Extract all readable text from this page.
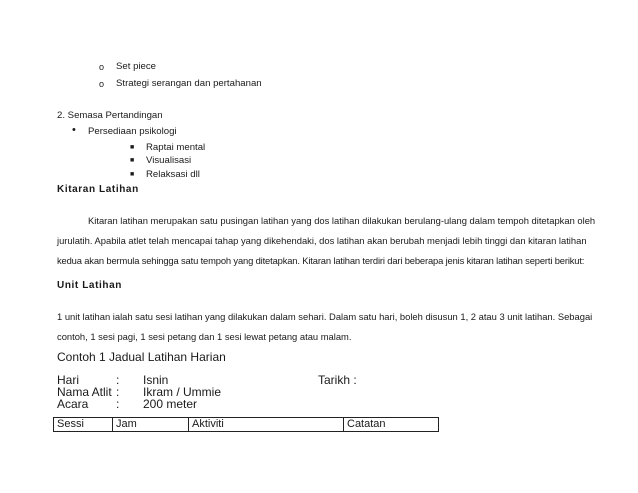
o Set piece
o Strategi serangan dan pertahanan
2. Semasa Pertandingan
• Persediaan psikologi
■ Raptai mental
■ Visualisasi
■ Relaksasi dll
Kitaran Latihan
Kitaran latihan merupakan satu pusingan latihan yang dos latihan dilakukan berulang-ulang dalam tempoh ditetapkan oleh
jurulatih. Apabila atlet telah mencapai tahap yang dikehendaki, dos latihan akan berubah menjadi lebih tinggi dan kitaran latihan
kedua akan bermula sehingga satu tempoh yang ditetapkan. Kitaran latihan terdiri dari beberapa jenis kitaran latihan seperti berikut:
Unit Latihan
1 unit latihan ialah satu sesi latihan yang dilakukan dalam sehari. Dalam satu hari, boleh disusun 1, 2 atau 3 unit latihan. Sebagai
contoh, 1 sesi pagi, 1 sesi petang dan 1 sesi lewat petang atau malam.
Contoh 1 Jadual Latihan Harian
Hari	: Isnin	Tarikh :
Nama Atlit : Ikram / Ummie
Acara : 200 meter
Sessi	Jam	Aktiviti	Catatan
